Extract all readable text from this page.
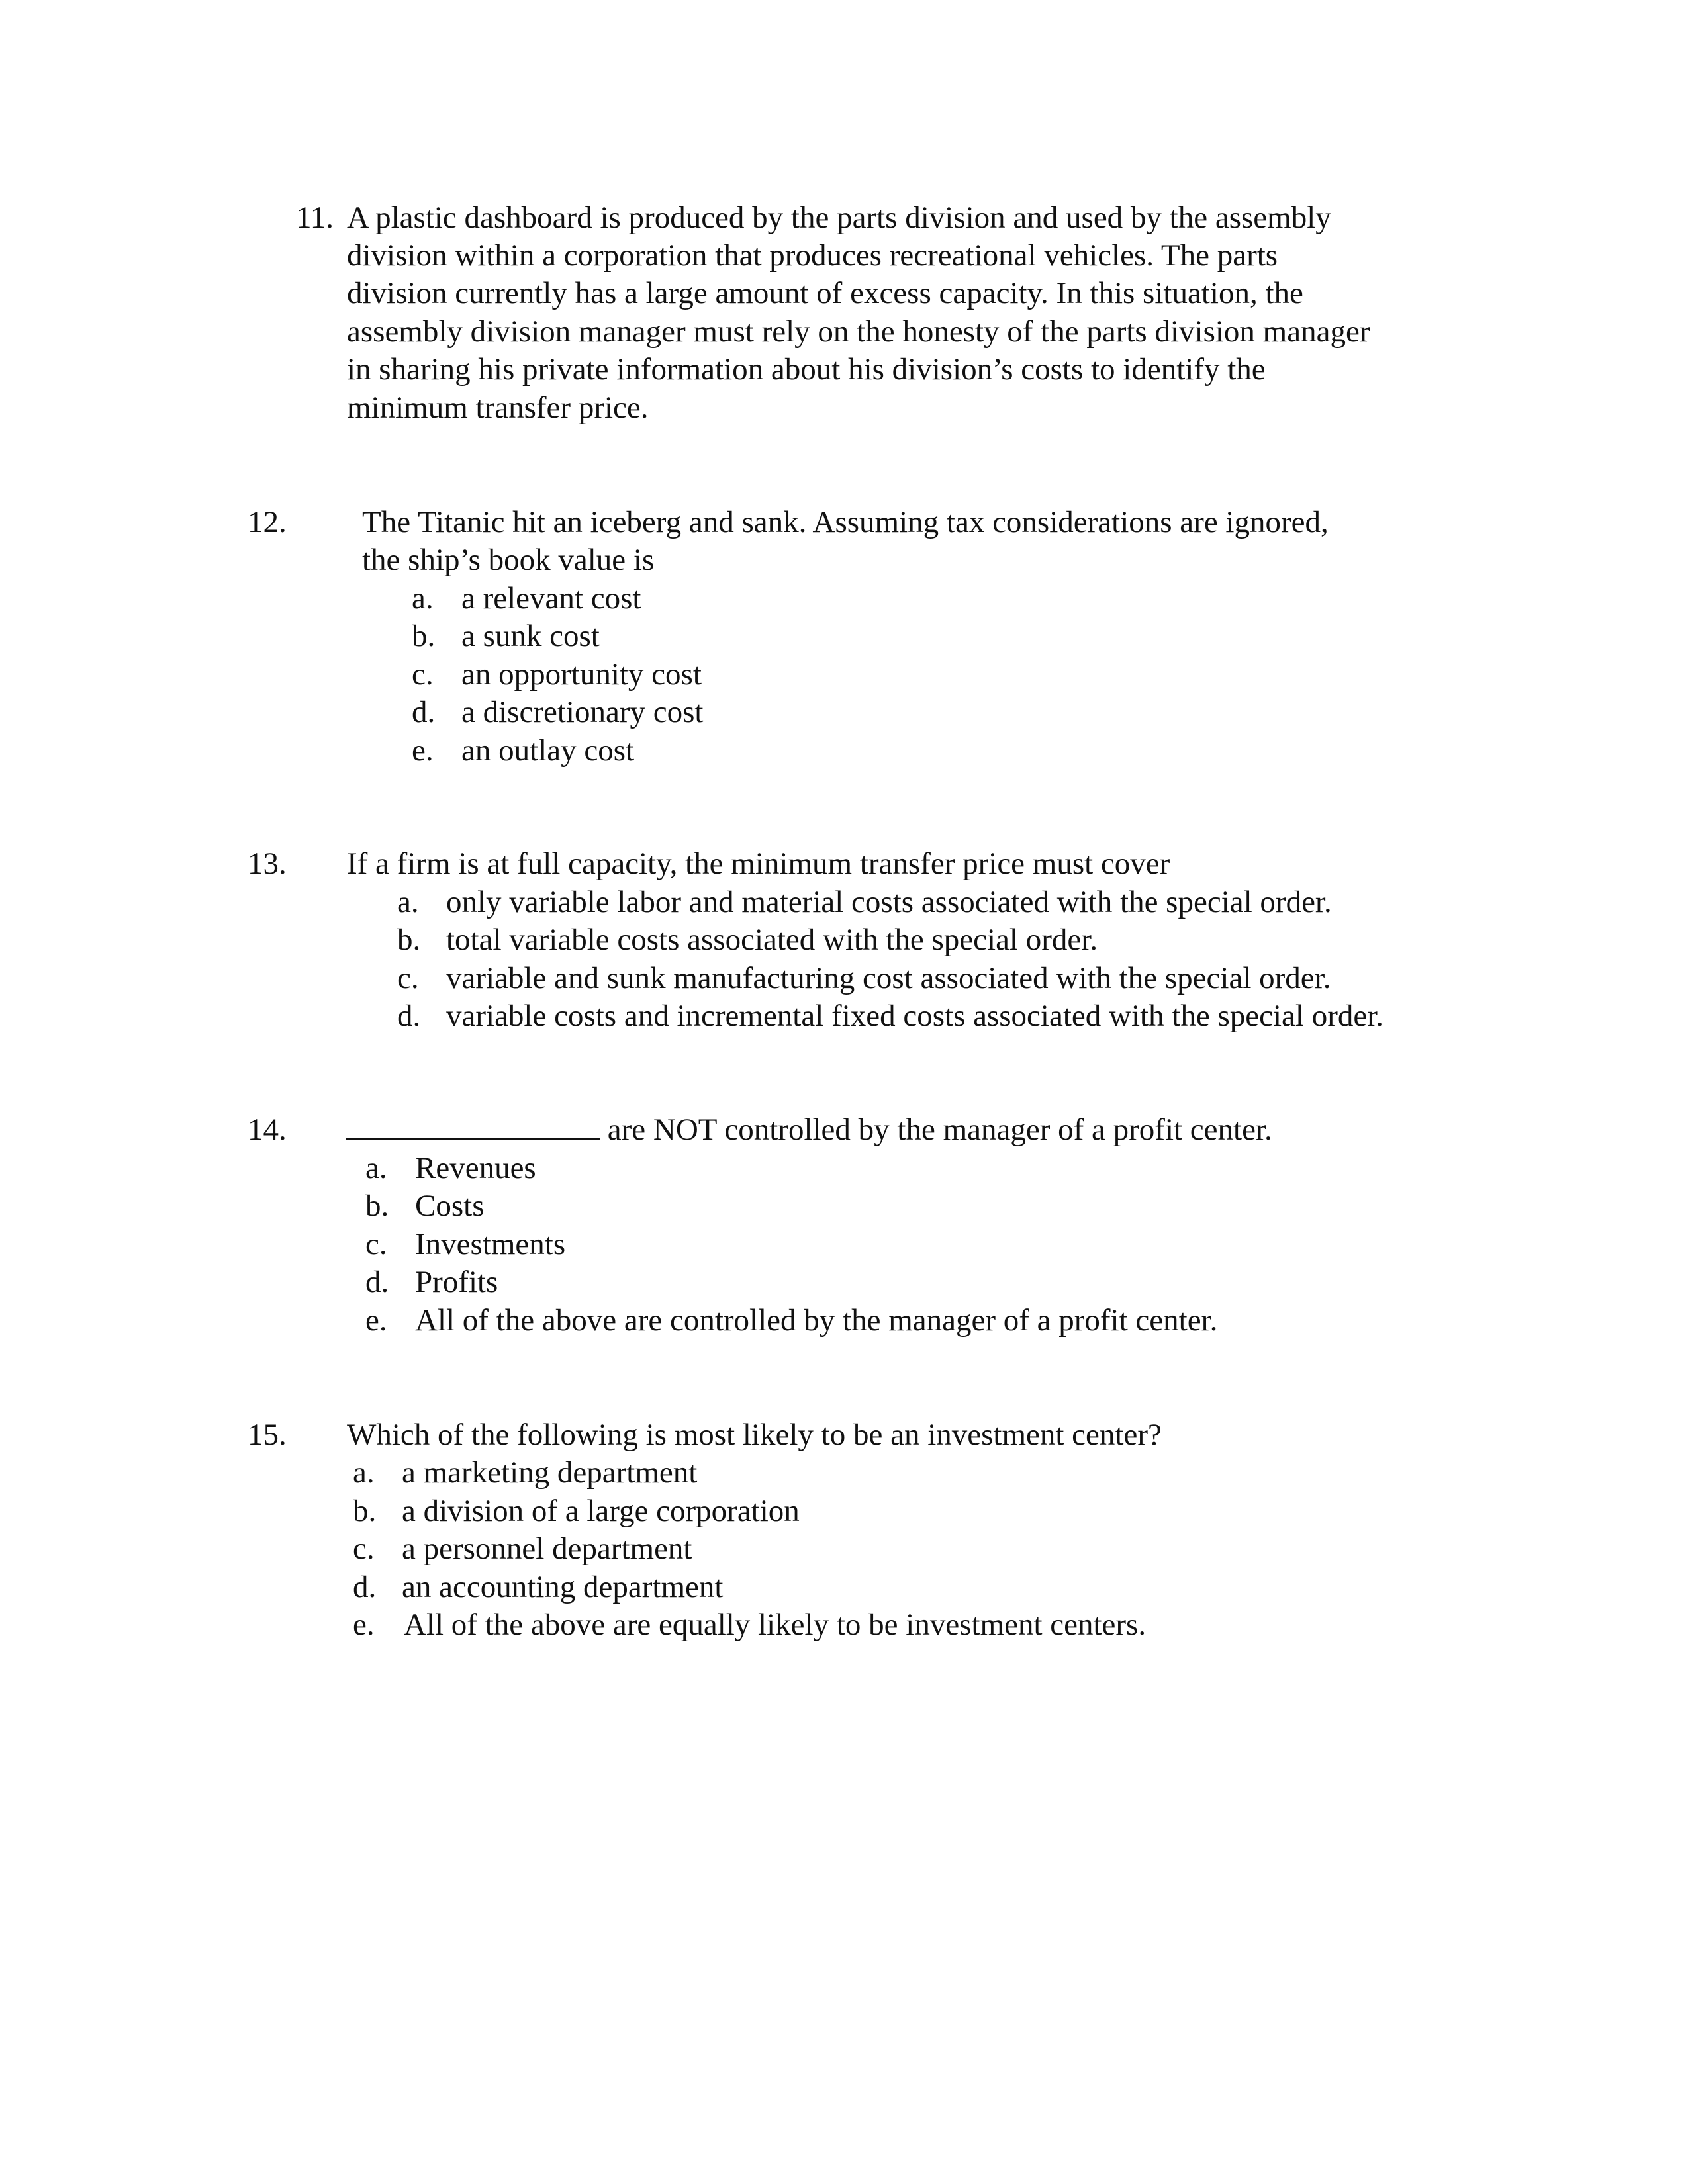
11. A plastic dashboard is produced by the parts division and used by the assembly
division within a corporation that produces recreational vehicles. The parts
division currently has a large amount of excess capacity. In this situation, the
assembly division manager must rely on the honesty of the parts division manager
in sharing his private information about his division’s costs to identify the
minimum transfer price.
12. The Titanic hit an iceberg and sank. Assuming tax considerations are ignored,
the ship’s book value is
a. a relevant cost
b. a sunk cost
c. an opportunity cost
d. a discretionary cost
e. an outlay cost
13. If a firm is at full capacity, the minimum transfer price must cover
a. only variable labor and material costs associated with the special order.
b. total variable costs associated with the special order.
c. variable and sunk manufacturing cost associated with the special order.
d. variable costs and incremental fixed costs associated with the special order.
14.	are NOT controlled by the manager of a profit center.
a. Revenues
b. Costs
c. Investments
d. Profits
e. All of the above are controlled by the manager of a profit center.
15. Which of the following is most likely to be an investment center?
a. a marketing department
b. a division of a large corporation
c. a personnel department
d. an accounting department
e. All of the above are equally likely to be investment centers.
